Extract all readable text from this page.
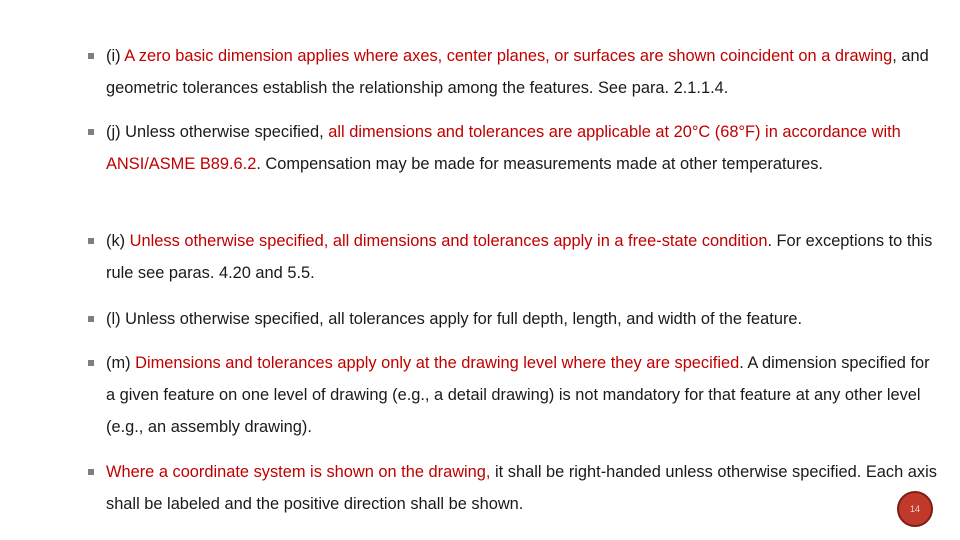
(i) A zero basic dimension applies where axes, center planes, or surfaces are shown coincident on a drawing, and geometric tolerances establish the relationship among the features. See para. 2.1.1.4.
(j) Unless otherwise specified, all dimensions and tolerances are applicable at 20°C (68°F) in accordance with ANSI/ASME B89.6.2. Compensation may be made for measurements made at other temperatures.
(k) Unless otherwise specified, all dimensions and tolerances apply in a free-state condition. For exceptions to this rule see paras. 4.20 and 5.5.
(l) Unless otherwise specified, all tolerances apply for full depth, length, and width of the feature.
(m) Dimensions and tolerances apply only at the drawing level where they are specified. A dimension specified for a given feature on one level of drawing (e.g., a detail drawing) is not mandatory for that feature at any other level (e.g., an assembly drawing).
Where a coordinate system is shown on the drawing, it shall be right-handed unless otherwise specified. Each axis shall be labeled and the positive direction shall be shown.	14
